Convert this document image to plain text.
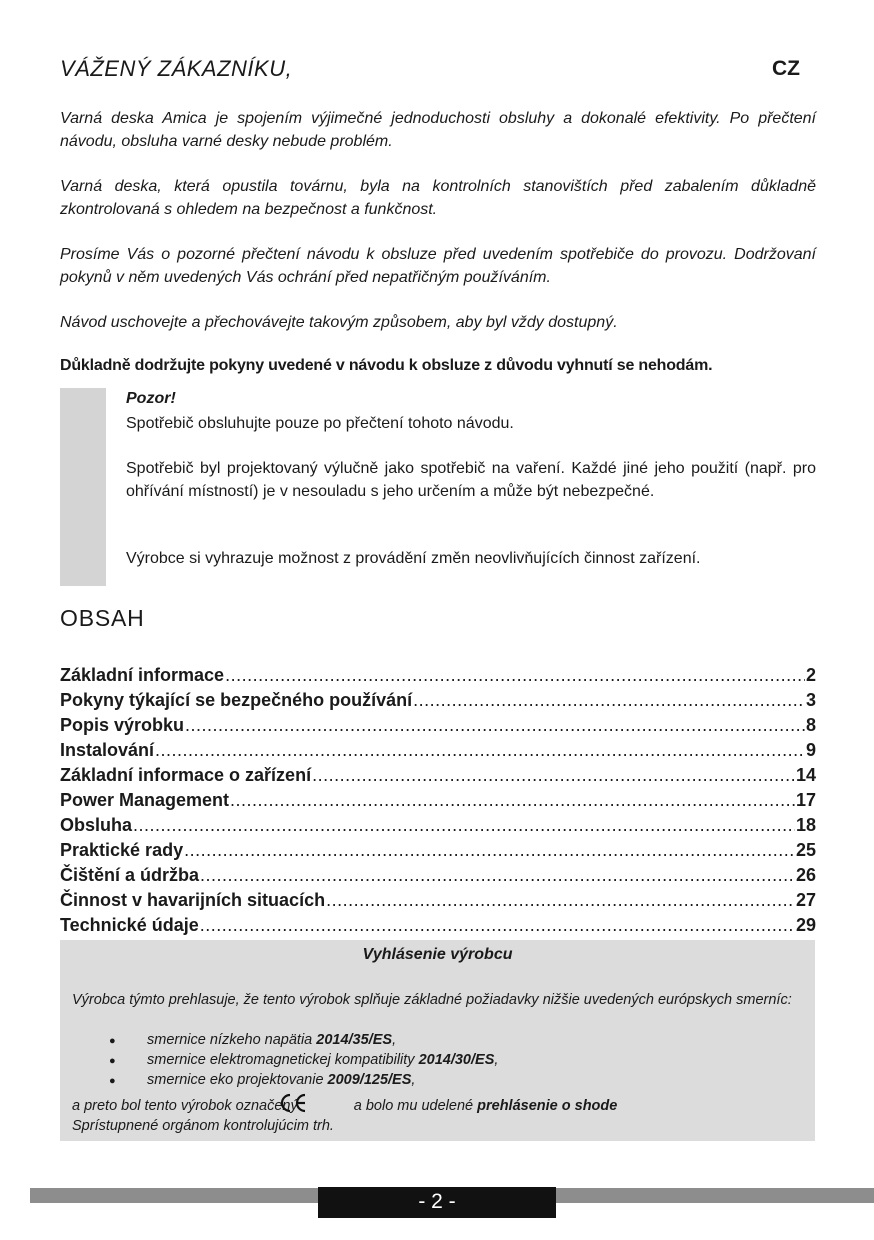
VÁŽENÝ ZÁKAZNÍKU,	CZ
Varná deska Amica je spojením výjimečné jednoduchosti obsluhy a dokonalé efektivity. Po přečtení návodu, obsluha varné desky nebude problém.
Varná deska, která opustila továrnu, byla na kontrolních stanovištích před zabalením důkladně zkontrolovaná s ohledem na bezpečnost a funkčnost.
Prosíme Vás o pozorné přečtení návodu k obsluze před uvedením spotřebiče do provozu. Dodržovaní pokynů v něm uvedených Vás ochrání před nepatřičným používáním.
Návod uschovejte a přechovávejte takovým způsobem, aby byl vždy dostupný.
Důkladně dodržujte pokyny uvedené v návodu k obsluze z důvodu vyhnutí se nehodám.
Pozor!
Spotřebič obsluhujte pouze po přečtení tohoto návodu.
Spotřebič byl projektovaný výlučně jako spotřebič na vaření. Každé jiné jeho použití (např. pro ohřívání místností) je v nesouladu s jeho určením a může být nebezpečné.
Výrobce si vyhrazuje možnost z provádění změn neovlivňujících činnost zařízení.
OBSAH
Základní informace .....	2
Pokyny týkající se bezpečného používání .....	3
Popis výrobku .....	8
Instalování .....	9
Základní informace o zařízení .....	14
Power Management .....	17
Obsluha .....	18
Praktické rady .....	25
Čištění a údržba .....	26
Činnost v havarijních situacích .....	27
Technické údaje .....	29
Vyhlásenie výrobcu
Výrobca týmto prehlasuje, že tento výrobok splňuje základné požiadavky nižšie uvedených európskych smerníc:
● smernice nízkeho napätia 2014/35/ES,
● smernice elektromagnetickej kompatibility 2014/30/ES,
● smernice eko projektovanie 2009/125/ES,
a preto bol tento výrobok označený	a bolo mu udelené prehlásenie o shode
Sprístupnené orgánom kontrolujúcim trh.
- 2 -
